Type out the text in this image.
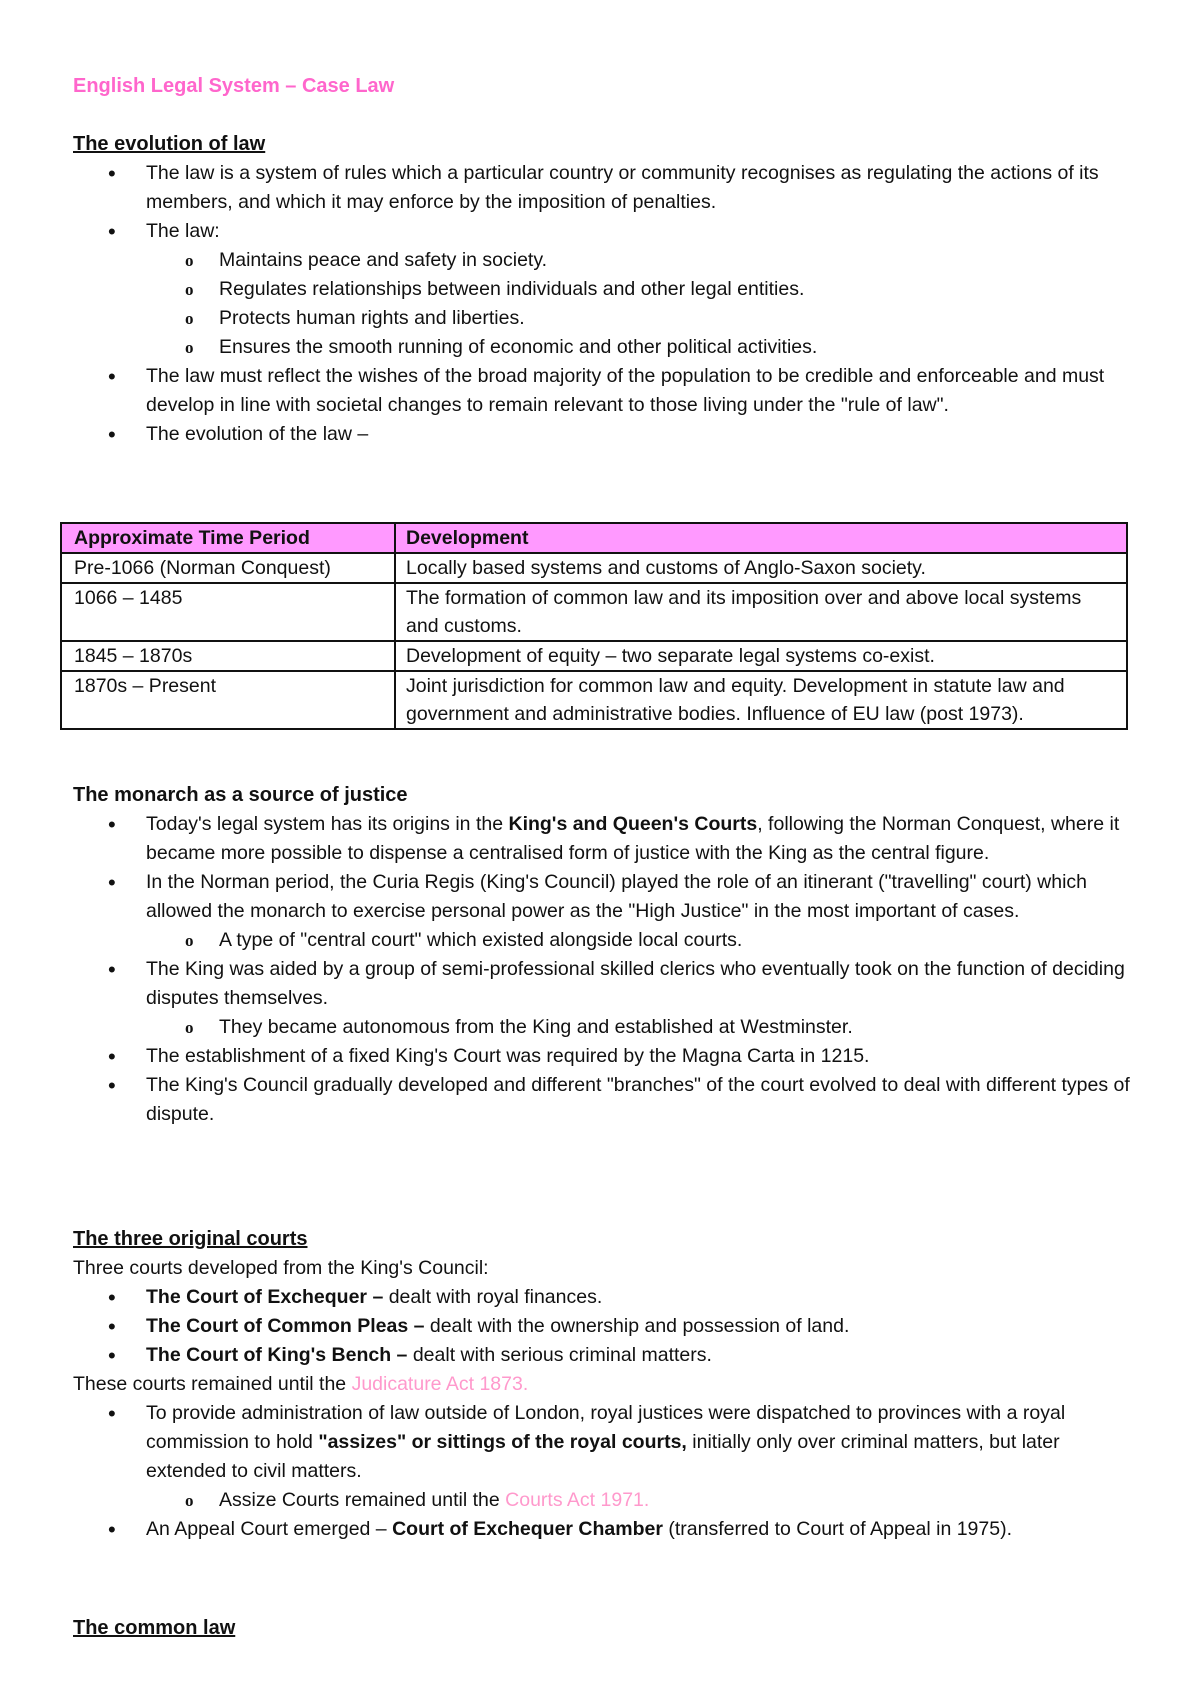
English Legal System – Case Law
The evolution of law
• The law is a system of rules which a particular country or community recognises as regulating the actions of its members, and which it may enforce by the imposition of penalties.
• The law:
o Maintains peace and safety in society.
o Regulates relationships between individuals and other legal entities.
o Protects human rights and liberties.
o Ensures the smooth running of economic and other political activities.
• The law must reflect the wishes of the broad majority of the population to be credible and enforceable and must develop in line with societal changes to remain relevant to those living under the "rule of law".
• The evolution of the law –
Approximate Time Period	Development
Pre-1066 (Norman Conquest)	Locally based systems and customs of Anglo-Saxon society.
1066 – 1485	The formation of common law and its imposition over and above local systems and customs.
1845 – 1870s	Development of equity – two separate legal systems co-exist.
1870s – Present	Joint jurisdiction for common law and equity. Development in statute law and government and administrative bodies. Influence of EU law (post 1973).
The monarch as a source of justice
• Today's legal system has its origins in the King's and Queen's Courts, following the Norman Conquest, where it became more possible to dispense a centralised form of justice with the King as the central figure.
• In the Norman period, the Curia Regis (King's Council) played the role of an itinerant ("travelling" court) which allowed the monarch to exercise personal power as the "High Justice" in the most important of cases.
o A type of "central court" which existed alongside local courts.
• The King was aided by a group of semi-professional skilled clerics who eventually took on the function of deciding disputes themselves.
o They became autonomous from the King and established at Westminster.
• The establishment of a fixed King's Court was required by the Magna Carta in 1215.
• The King's Council gradually developed and different "branches" of the court evolved to deal with different types of dispute.
The three original courts
Three courts developed from the King's Council:
• The Court of Exchequer – dealt with royal finances.
• The Court of Common Pleas – dealt with the ownership and possession of land.
• The Court of King's Bench – dealt with serious criminal matters.
These courts remained until the Judicature Act 1873.
• To provide administration of law outside of London, royal justices were dispatched to provinces with a royal commission to hold "assizes" or sittings of the royal courts, initially only over criminal matters, but later extended to civil matters.
o Assize Courts remained until the Courts Act 1971.
• An Appeal Court emerged – Court of Exchequer Chamber (transferred to Court of Appeal in 1975).
The common law
